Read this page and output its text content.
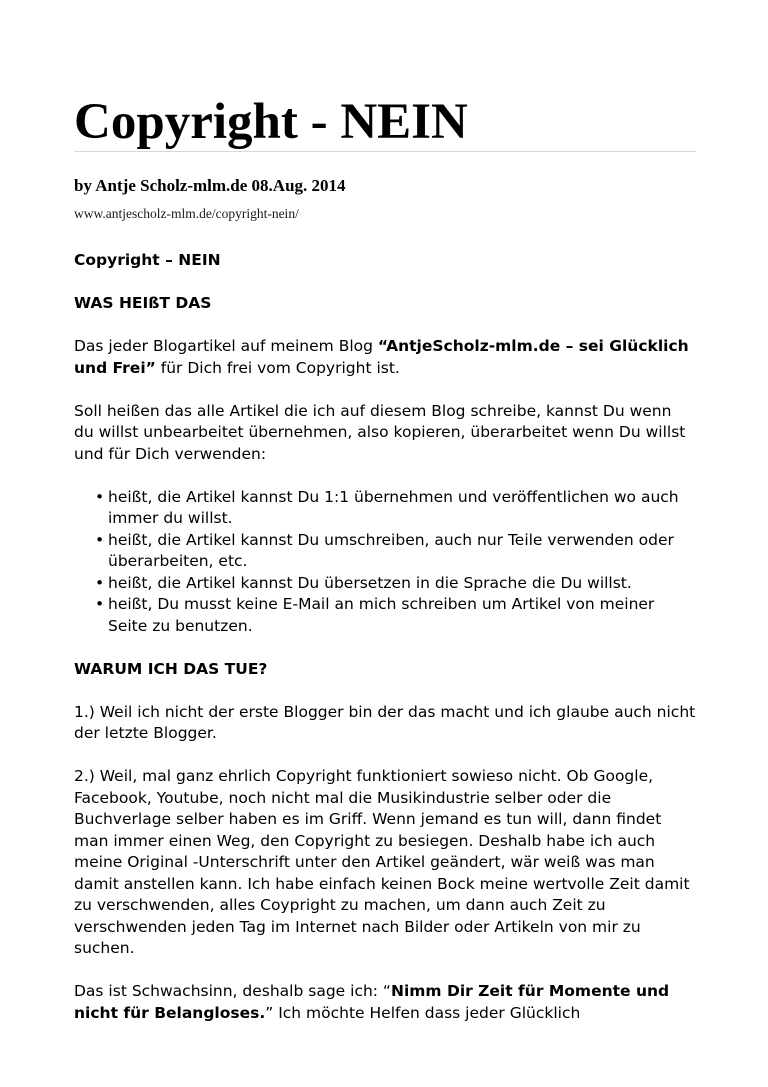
Copyright - NEIN
by Antje Scholz-mlm.de 08.Aug. 2014
www.antjescholz-mlm.de/copyright-nein/
Copyright – NEIN
WAS HEIßT DAS

Das jeder Blogartikel auf meinem Blog “AntjeScholz-mlm.de – sei Glücklich und Frei” für Dich frei vom Copyright ist.

Soll heißen das alle Artikel die ich auf diesem Blog schreibe, kannst Du wenn du willst unbearbeitet übernehmen, also kopieren, überarbeitet wenn Du willst und für Dich verwenden:

• heißt, die Artikel kannst Du 1:1 übernehmen und veröffentlichen wo auch immer du willst.
• heißt, die Artikel kannst Du umschreiben, auch nur Teile verwenden oder überarbeiten, etc.
• heißt, die Artikel kannst Du übersetzen in die Sprache die Du willst.
• heißt, Du musst keine E-Mail an mich schreiben um Artikel von meiner Seite zu benutzen.
WARUM ICH DAS TUE?

1.) Weil ich nicht der erste Blogger bin der das macht und ich glaube auch nicht der letzte Blogger.

2.) Weil, mal ganz ehrlich Copyright funktioniert sowieso nicht. Ob Google, Facebook, Youtube, noch nicht mal die Musikindustrie selber oder die Buchverlage selber haben es im Griff. Wenn jemand es tun will, dann findet man immer einen Weg, den Copyright zu besiegen. Deshalb habe ich auch meine Original -Unterschrift unter den Artikel geändert, wär weiß was man damit anstellen kann. Ich habe einfach keinen Bock meine wertvolle Zeit damit zu verschwenden, alles Coypright zu machen, um dann auch Zeit zu verschwenden jeden Tag im Internet nach Bilder oder Artikeln von mir zu suchen.

Das ist Schwachsinn, deshalb sage ich: “Nimm Dir Zeit für Momente und nicht für Belangloses.” Ich möchte Helfen dass jeder Glücklich
